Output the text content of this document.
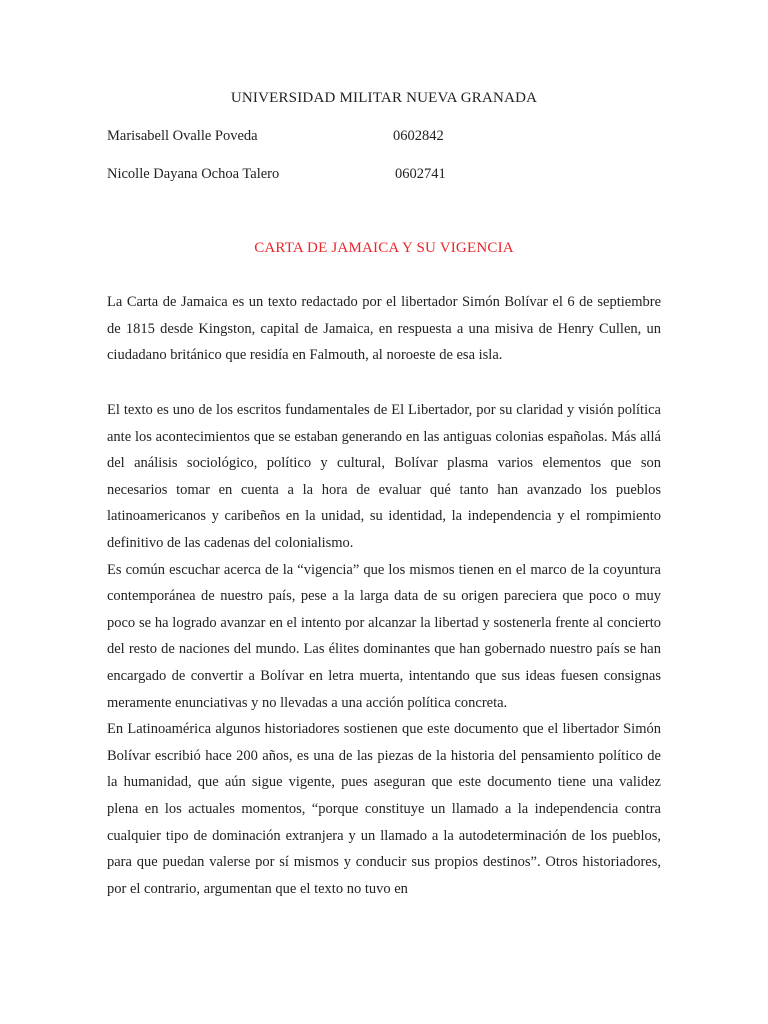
UNIVERSIDAD MILITAR NUEVA GRANADA
Marisabell Ovalle Poveda	0602842
Nicolle Dayana Ochoa Talero	0602741
CARTA DE JAMAICA Y SU VIGENCIA

La Carta de Jamaica es un texto redactado por el libertador Simón Bolívar el 6 de septiembre de 1815 desde Kingston, capital de Jamaica, en respuesta a una misiva de Henry Cullen, un ciudadano británico que residía en Falmouth, al noroeste de esa isla.

El texto es uno de los escritos fundamentales de El Libertador, por su claridad y visión política ante los acontecimientos que se estaban generando en las antiguas colonias españolas. Más allá del análisis sociológico, político y cultural, Bolívar plasma varios elementos que son necesarios tomar en cuenta a la hora de evaluar qué tanto han avanzado los pueblos latinoamericanos y caribeños en la unidad, su identidad, la independencia y el rompimiento definitivo de las cadenas del colonialismo.

Es común escuchar acerca de la “vigencia” que los mismos tienen en el marco de la coyuntura contemporánea de nuestro país, pese a la larga data de su origen pareciera que poco o muy poco se ha logrado avanzar en el intento por alcanzar la libertad y sostenerla frente al concierto del resto de naciones del mundo. Las élites dominantes que han gobernado nuestro país se han encargado de convertir a Bolívar en letra muerta, intentando que sus ideas fuesen consignas meramente enunciativas y no llevadas a una acción política concreta.

En Latinoamérica algunos historiadores sostienen que este documento que el libertador Simón Bolívar escribió hace 200 años, es una de las piezas de la historia del pensamiento político de la humanidad, que aún sigue vigente, pues aseguran que este documento tiene una validez plena en los actuales momentos, “porque constituye un llamado a la independencia contra cualquier tipo de dominación extranjera y un llamado a la autodeterminación de los pueblos, para que puedan valerse por sí mismos y conducir sus propios destinos”. Otros historiadores, por el contrario, argumentan que el texto no tuvo en
